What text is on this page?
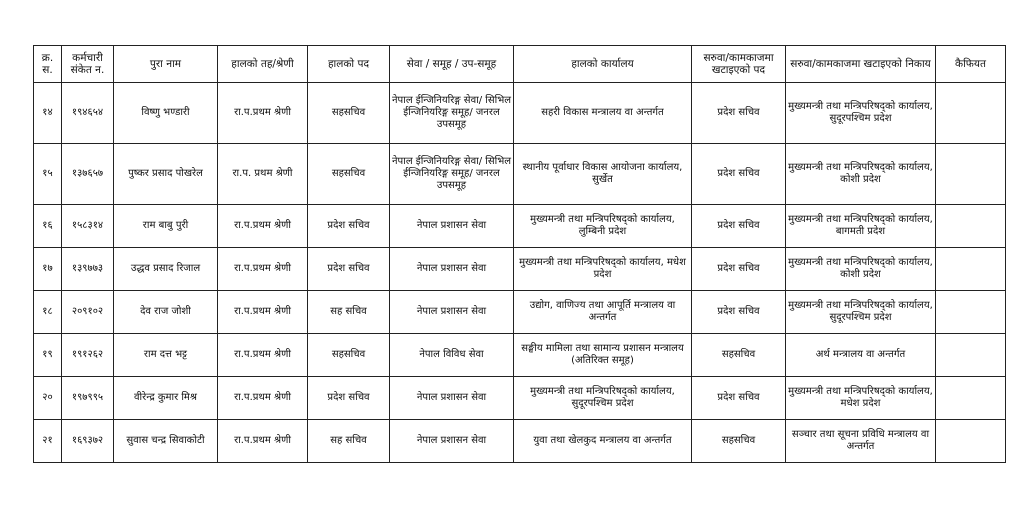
क्र. स.	कर्मचारी संकेत न.	पुरा नाम	हालको तह/श्रेणी	हालको पद	सेवा / समूह / उप-समूह	हालको कार्यालय	सरुवा/कामकाजमा खटाइएको पद	सरुवा/कामकाजमा खटाइएको निकाय	कैफियत
१४	१९४६५४	विष्णु भण्डारी	रा.प.प्रथम श्रेणी	सहसचिव	नेपाल ईन्जिनियरिङ्ग सेवा/ सिभिल ईन्जिनियरिङ्ग समूह/ जनरल उपसमूह	सहरी विकास मन्त्रालय वा अन्तर्गत	प्रदेश सचिव	मुख्यमन्त्री तथा मन्त्रिपरिषद्को कार्यालय, सुदूरपश्चिम प्रदेश	
१५	१३७६५७	पुष्कर प्रसाद पोखरेल	रा.प. प्रथम श्रेणी	सहसचिव	नेपाल ईन्जिनियरिङ्ग सेवा/ सिभिल ईन्जिनियरिङ्ग समूह/ जनरल उपसमूह	स्थानीय पूर्वाधार विकास आयोजना कार्यालय, सुर्खेत	प्रदेश सचिव	मुख्यमन्त्री तथा मन्त्रिपरिषद्को कार्यालय, कोशी प्रदेश	
१६	१५८३१४	राम बाबु पुरी	रा.प.प्रथम श्रेणी	प्रदेश सचिव	नेपाल प्रशासन सेवा	मुख्यमन्त्री तथा मन्त्रिपरिषद्को कार्यालय, लुम्बिनी प्रदेश	प्रदेश सचिव	मुख्यमन्त्री तथा मन्त्रिपरिषद्को कार्यालय, बागमती प्रदेश	
१७	१३९७७३	उद्धव प्रसाद रिजाल	रा.प.प्रथम श्रेणी	प्रदेश सचिव	नेपाल प्रशासन सेवा	मुख्यमन्त्री तथा मन्त्रिपरिषद्को कार्यालय, मधेश प्रदेश	प्रदेश सचिव	मुख्यमन्त्री तथा मन्त्रिपरिषद्को कार्यालय, कोशी प्रदेश	
१८	२०९१०२	देव राज जोशी	रा.प.प्रथम श्रेणी	सह सचिव	नेपाल प्रशासन सेवा	उद्योग, वाणिज्य तथा आपूर्ति मन्त्रालय वा अन्तर्गत	प्रदेश सचिव	मुख्यमन्त्री तथा मन्त्रिपरिषद्को कार्यालय, सुदूरपश्चिम प्रदेश	
१९	१९१२६२	राम दत्त भट्ट	रा.प.प्रथम श्रेणी	सहसचिव	नेपाल विविध सेवा	सङ्घीय मामिला तथा सामान्य प्रशासन मन्त्रालय (अतिरिक्त समूह)	सहसचिव	अर्थ मन्त्रालय वा अन्तर्गत	
२०	१९७९९५	वीरेन्द्र कुमार मिश्र	रा.प.प्रथम श्रेणी	प्रदेश सचिव	नेपाल प्रशासन सेवा	मुख्यमन्त्री तथा मन्त्रिपरिषद्को कार्यालय, सुदूरपश्चिम प्रदेश	प्रदेश सचिव	मुख्यमन्त्री तथा मन्त्रिपरिषद्को कार्यालय, मधेश प्रदेश	
२१	१६९३७२	सुवास चन्द्र सिवाकोटी	रा.प.प्रथम श्रेणी	सह सचिव	नेपाल प्रशासन सेवा	युवा तथा खेलकुद मन्त्रालय वा अन्तर्गत	सहसचिव	सञ्चार तथा सूचना प्रविधि मन्त्रालय वा अन्तर्गत	
